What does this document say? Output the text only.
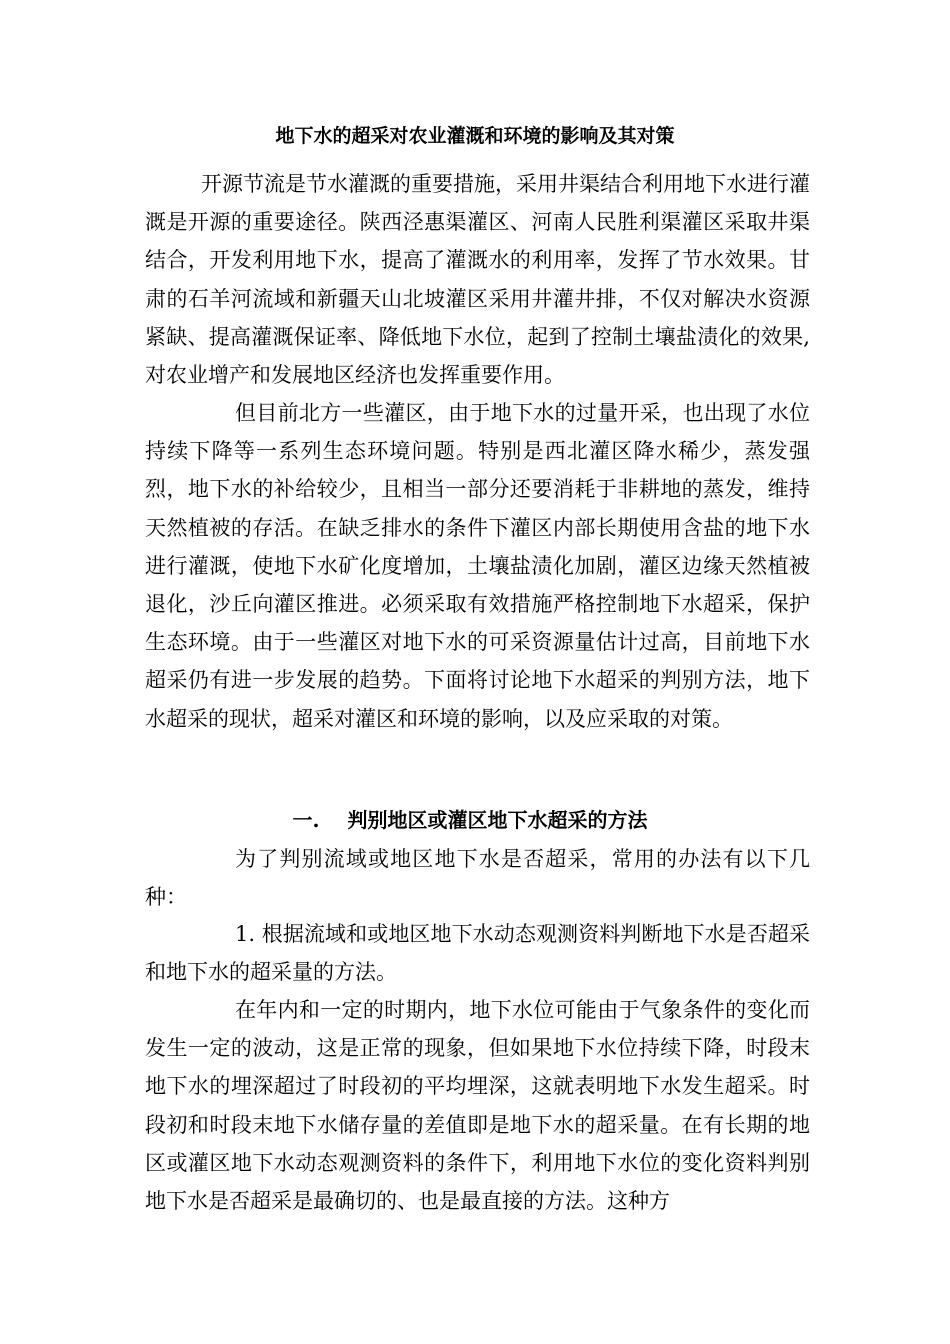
地下水的超采对农业灌溉和环境的影响及其对策

开源节流是节水灌溉的重要措施，采用井渠结合利用地下水进行灌溉是开源的重要途径。陕西泾惠渠灌区、河南人民胜利渠灌区采取井渠结合，开发利用地下水，提高了灌溉水的利用率，发挥了节水效果。甘肃的石羊河流域和新疆天山北坡灌区采用井灌井排，不仅对解决水资源紧缺、提高灌溉保证率、降低地下水位，起到了控制土壤盐渍化的效果,对农业增产和发展地区经济也发挥重要作用。

但目前北方一些灌区，由于地下水的过量开采，也出现了水位持续下降等一系列生态环境问题。特别是西北灌区降水稀少，蒸发强烈，地下水的补给较少，且相当一部分还要消耗于非耕地的蒸发，维持天然植被的存活。在缺乏排水的条件下灌区内部长期使用含盐的地下水进行灌溉，使地下水矿化度增加，土壤盐渍化加剧，灌区边缘天然植被退化，沙丘向灌区推进。必须采取有效措施严格控制地下水超采，保护生态环境。由于一些灌区对地下水的可采资源量估计过高，目前地下水超采仍有进一步发展的趋势。下面将讨论地下水超采的判别方法，地下水超采的现状，超采对灌区和环境的影响，以及应采取的对策。

一. 判别地区或灌区地下水超采的方法

为了判别流域或地区地下水是否超采，常用的办法有以下几种：

1. 根据流域和或地区地下水动态观测资料判断地下水是否超采和地下水的超采量的方法。

在年内和一定的时期内，地下水位可能由于气象条件的变化而发生一定的波动，这是正常的现象，但如果地下水位持续下降，时段末地下水的埋深超过了时段初的平均埋深，这就表明地下水发生超采。时段初和时段末地下水储存量的差值即是地下水的超采量。在有长期的地区或灌区地下水动态观测资料的条件下，利用地下水位的变化资料判别地下水是否超采是最确切的、也是最直接的方法。这种方
